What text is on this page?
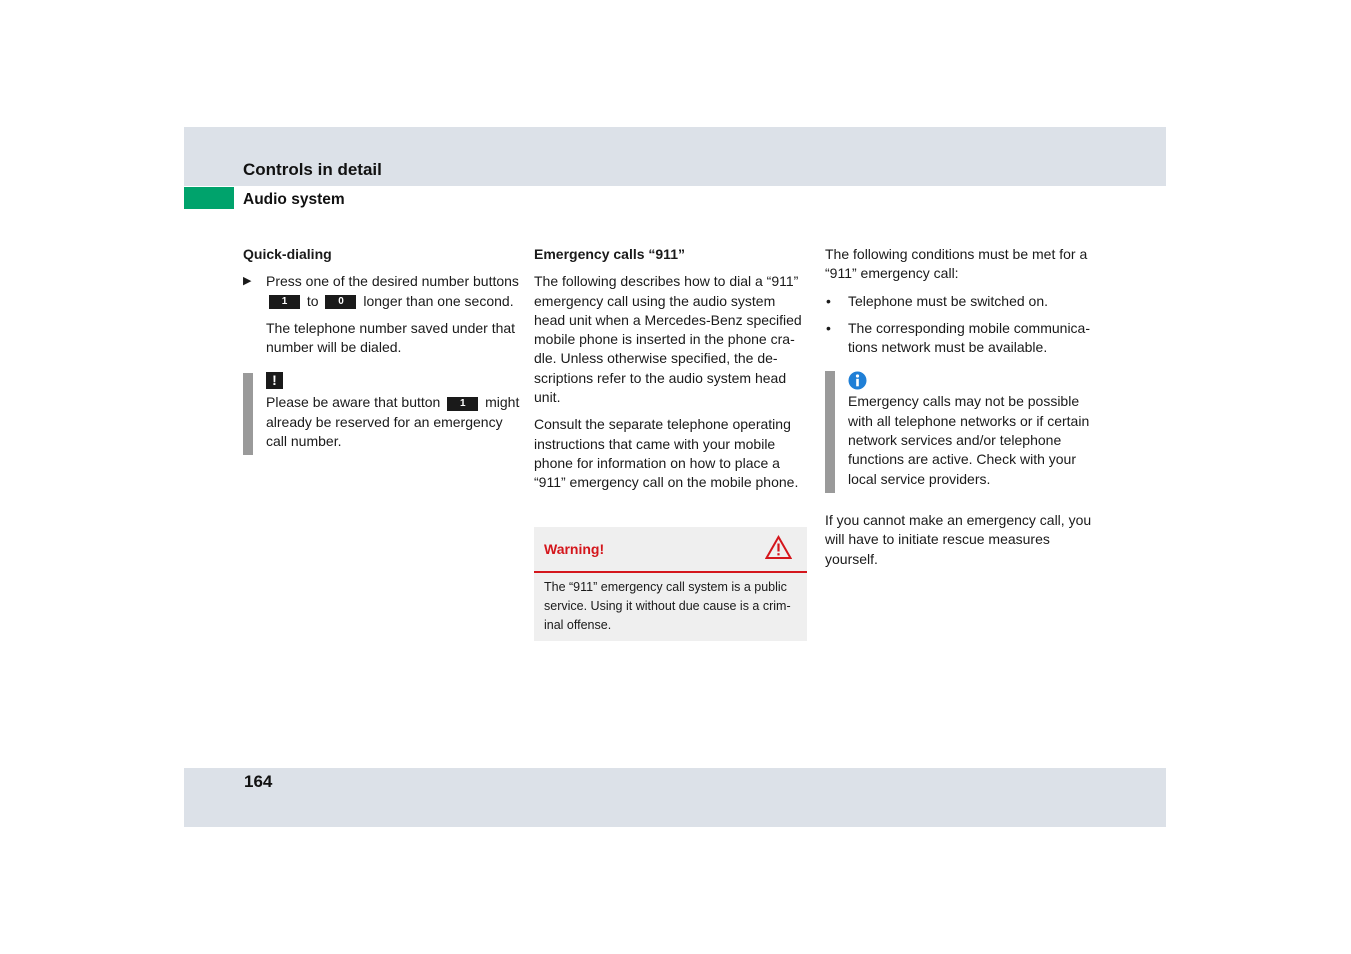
Controls in detail
Audio system

Quick-dialing

▶ Press one of the desired number buttons 1 to 0 longer than one second.

The telephone number saved under that number will be dialed.

!

Please be aware that button 1 might already be reserved for an emergency call number.

Emergency calls “911”

The following describes how to dial a “911” emergency call using the audio system head unit when a Mercedes-Benz specified mobile phone is inserted in the phone cradle. Unless otherwise specified, the descriptions refer to the audio system head unit.

Consult the separate telephone operating instructions that came with your mobile phone for information on how to place a “911” emergency call on the mobile phone.

Warning!
The “911” emergency call system is a public service. Using it without due cause is a criminal offense.

The following conditions must be met for a “911” emergency call:

• Telephone must be switched on.

• The corresponding mobile communications network must be available.

Emergency calls may not be possible with all telephone networks or if certain network services and/or telephone functions are active. Check with your local service providers.

If you cannot make an emergency call, you will have to initiate rescue measures yourself.

164
